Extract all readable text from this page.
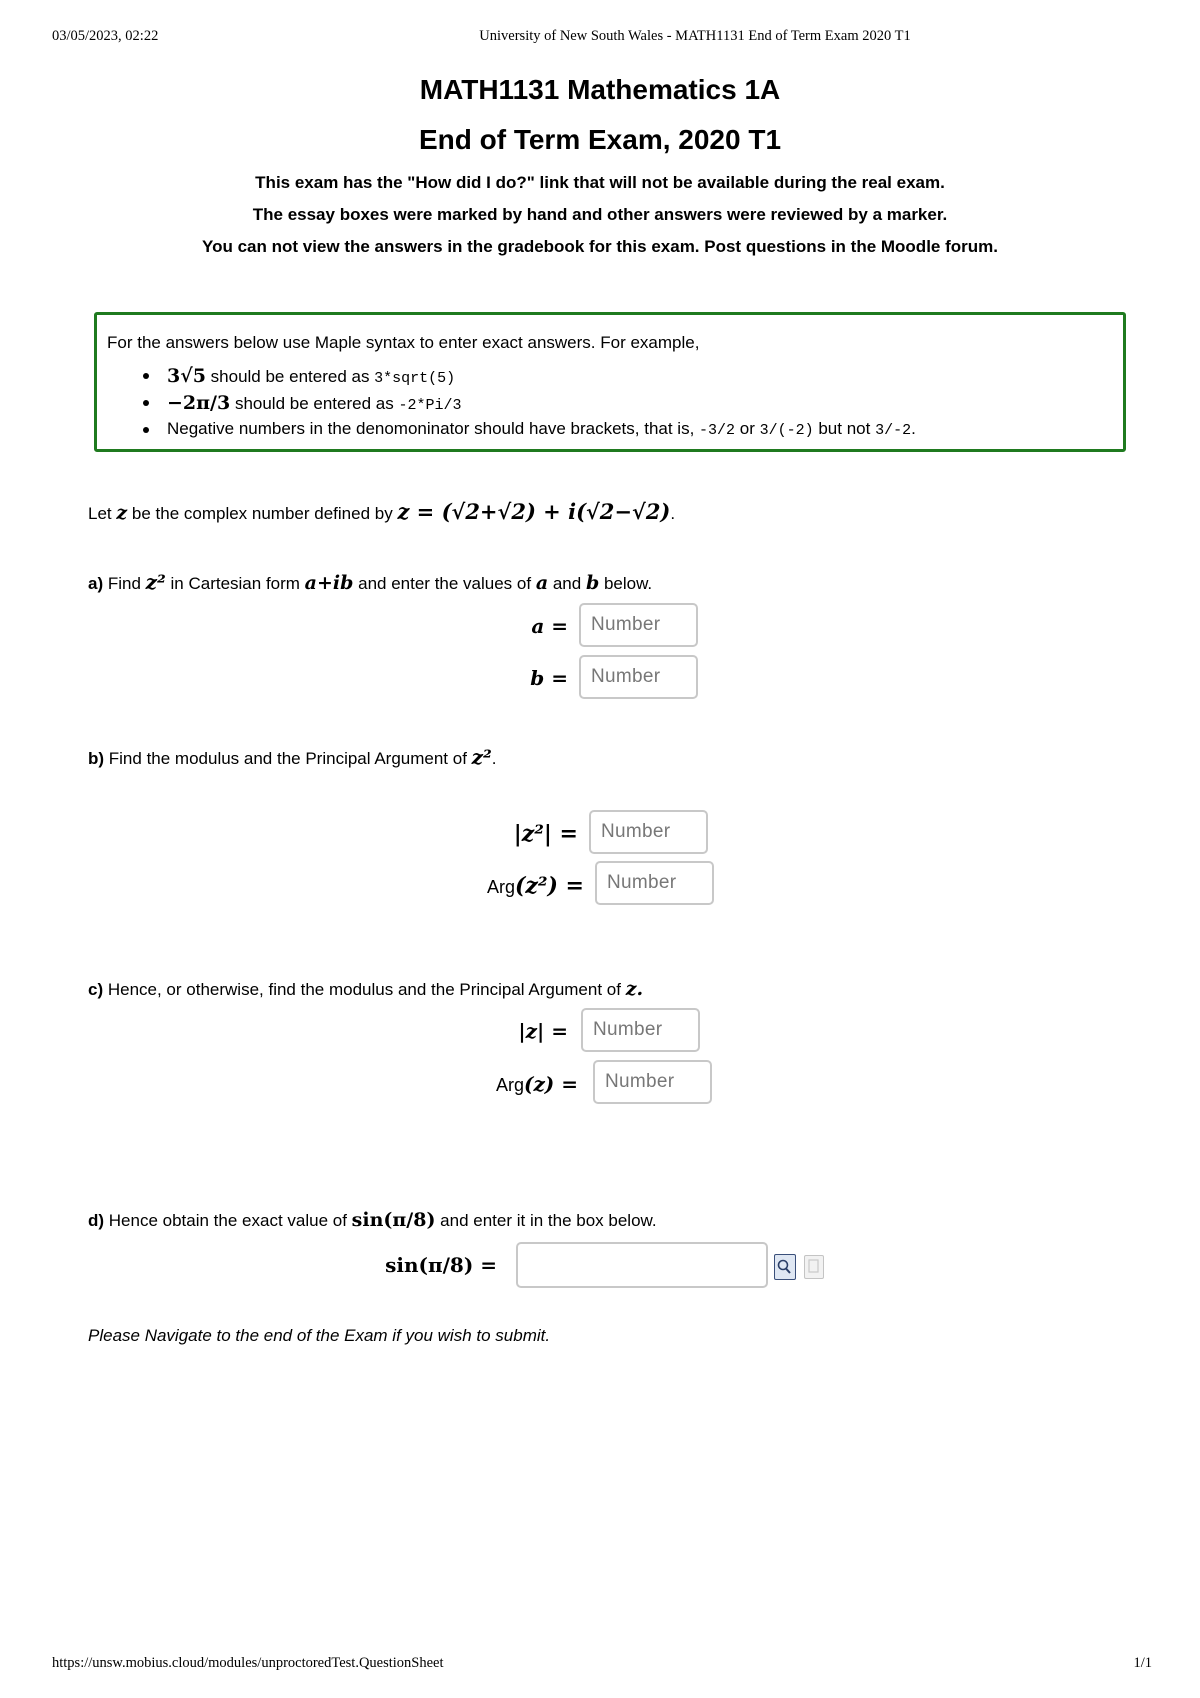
03/05/2023, 02:22	University of New South Wales - MATH1131 End of Term Exam 2020 T1
MATH1131 Mathematics 1A
End of Term Exam, 2020 T1
This exam has the "How did I do?" link that will not be available during the real exam.
The essay boxes were marked by hand and other answers were reviewed by a marker.
You can not view the answers in the gradebook for this exam. Post questions in the Moodle forum.
For the answers below use Maple syntax to enter exact answers. For example,
3√5 should be entered as 3*sqrt(5)
−2π/3 should be entered as -2*Pi/3
Negative numbers in the denomoninator should have brackets, that is, -3/2 or 3/(-2) but not 3/-2.
Let z be the complex number defined by z = (√2+√2) + i(√2−√2).
a) Find z² in Cartesian form a+ib and enter the values of a and b below.
a =
Number
b =
Number
b) Find the modulus and the Principal Argument of z².
|z²| =
Number
Arg(z²) =
Number
c) Hence, or otherwise, find the modulus and the Principal Argument of z.
|z| =
Number
Arg(z) =
Number
d) Hence obtain the exact value of sin(π/8) and enter it in the box below.
sin(π/8) =
Please Navigate to the end of the Exam if you wish to submit.
https://unsw.mobius.cloud/modules/unproctoredTest.QuestionSheet	1/1
